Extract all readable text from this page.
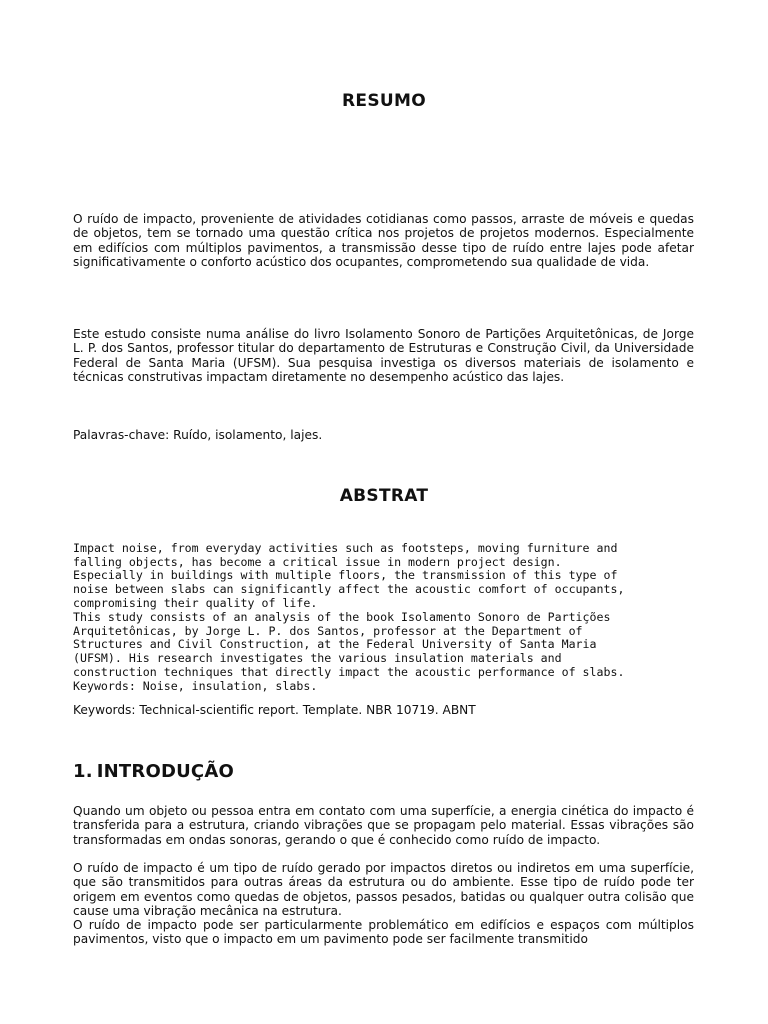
RESUMO

O ruído de impacto, proveniente de atividades cotidianas como passos, arraste de móveis e quedas de objetos, tem se tornado uma questão crítica nos projetos de projetos modernos. Especialmente em edifícios com múltiplos pavimentos, a transmissão desse tipo de ruído entre lajes pode afetar significativamente o conforto acústico dos ocupantes, comprometendo sua qualidade de vida.

Este estudo consiste numa análise do livro Isolamento Sonoro de Partições Arquitetônicas, de Jorge L. P. dos Santos, professor titular do departamento de Estruturas e Construção Civil, da Universidade Federal de Santa Maria (UFSM). Sua pesquisa investiga os diversos materiais de isolamento e técnicas construtivas impactam diretamente no desempenho acústico das lajes.

Palavras-chave: Ruído, isolamento, lajes.

ABSTRAT

Impact noise, from everyday activities such as footsteps, moving furniture and
falling objects, has become a critical issue in modern project design.
Especially in buildings with multiple floors, the transmission of this type of
noise between slabs can significantly affect the acoustic comfort of occupants,
compromising their quality of life.
This study consists of an analysis of the book Isolamento Sonoro de Partições
Arquitetônicas, by Jorge L. P. dos Santos, professor at the Department of
Structures and Civil Construction, at the Federal University of Santa Maria
(UFSM). His research investigates the various insulation materials and
construction techniques that directly impact the acoustic performance of slabs.
Keywords: Noise, insulation, slabs.

Keywords: Technical-scientific report. Template. NBR 10719. ABNT

1. INTRODUÇÃO

Quando um objeto ou pessoa entra em contato com uma superfície, a energia cinética do impacto é transferida para a estrutura, criando vibrações que se propagam pelo material. Essas vibrações são transformadas em ondas sonoras, gerando o que é conhecido como ruído de impacto.

O ruído de impacto é um tipo de ruído gerado por impactos diretos ou indiretos em uma superfície, que são transmitidos para outras áreas da estrutura ou do ambiente. Esse tipo de ruído pode ter origem em eventos como quedas de objetos, passos pesados, batidas ou qualquer outra colisão que cause uma vibração mecânica na estrutura.

O ruído de impacto pode ser particularmente problemático em edifícios e espaços com múltiplos pavimentos, visto que o impacto em um pavimento pode ser facilmente transmitido
